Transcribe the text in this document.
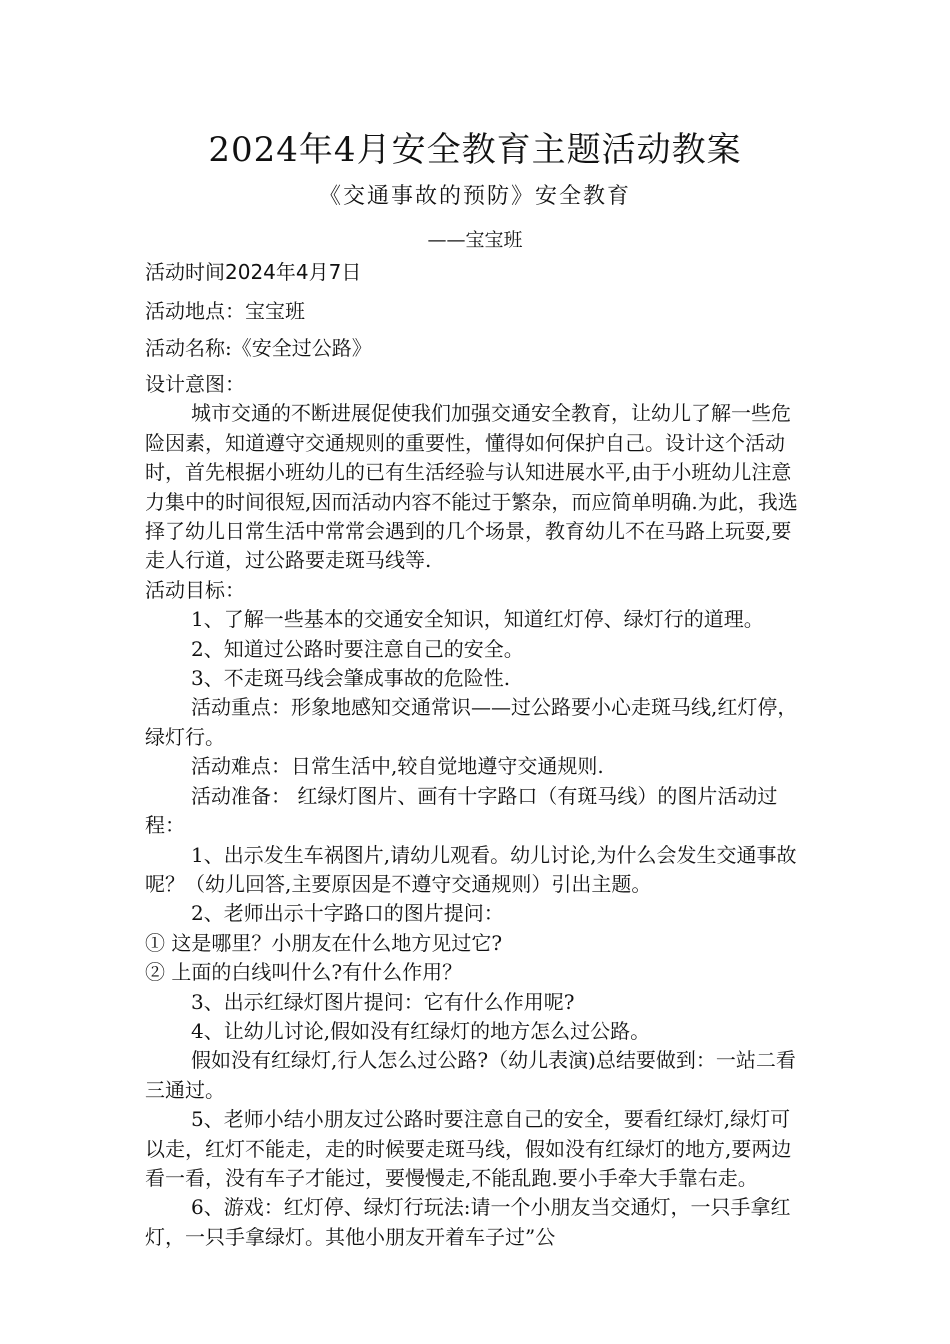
2024年4月安全教育主题活动教案
《交通事故的预防》安全教育
——宝宝班
活动时间2024年4月7日
活动地点：宝宝班
活动名称:《安全过公路》

设计意图：

城市交通的不断进展促使我们加强交通安全教育，让幼儿了解一些危险因素，知道遵守交通规则的重要性，懂得如何保护自己。设计这个活动时，首先根据小班幼儿的已有生活经验与认知进展水平,由于小班幼儿注意力集中的时间很短,因而活动内容不能过于繁杂，而应简单明确.为此，我选择了幼儿日常生活中常常会遇到的几个场景，教育幼儿不在马路上玩耍,要走人行道，过公路要走斑马线等.

活动目标：

1、了解一些基本的交通安全知识，知道红灯停、绿灯行的道理。

2、知道过公路时要注意自己的安全。

3、不走斑马线会肇成事故的危险性.

活动重点：形象地感知交通常识——过公路要小心走斑马线,红灯停，绿灯行。

活动难点：日常生活中,较自觉地遵守交通规则.

活动准备： 红绿灯图片、画有十字路口（有斑马线）的图片活动过程：

1、出示发生车祸图片,请幼儿观看。幼儿讨论,为什么会发生交通事故呢？（幼儿回答,主要原因是不遵守交通规则）引出主题。

2、老师出示十字路口的图片提问：

① 这是哪里？小朋友在什么地方见过它?

② 上面的白线叫什么?有什么作用？

3、出示红绿灯图片提问：它有什么作用呢?

4、让幼儿讨论,假如没有红绿灯的地方怎么过公路。

假如没有红绿灯,行人怎么过公路?（幼儿表演)总结要做到：一站二看三通过。

5、老师小结小朋友过公路时要注意自己的安全，要看红绿灯,绿灯可以走，红灯不能走，走的时候要走斑马线，假如没有红绿灯的地方,要两边看一看，没有车子才能过，要慢慢走,不能乱跑.要小手牵大手靠右走。

6、游戏：红灯停、绿灯行玩法:请一个小朋友当交通灯，一只手拿红灯，一只手拿绿灯。其他小朋友开着车子过”公
